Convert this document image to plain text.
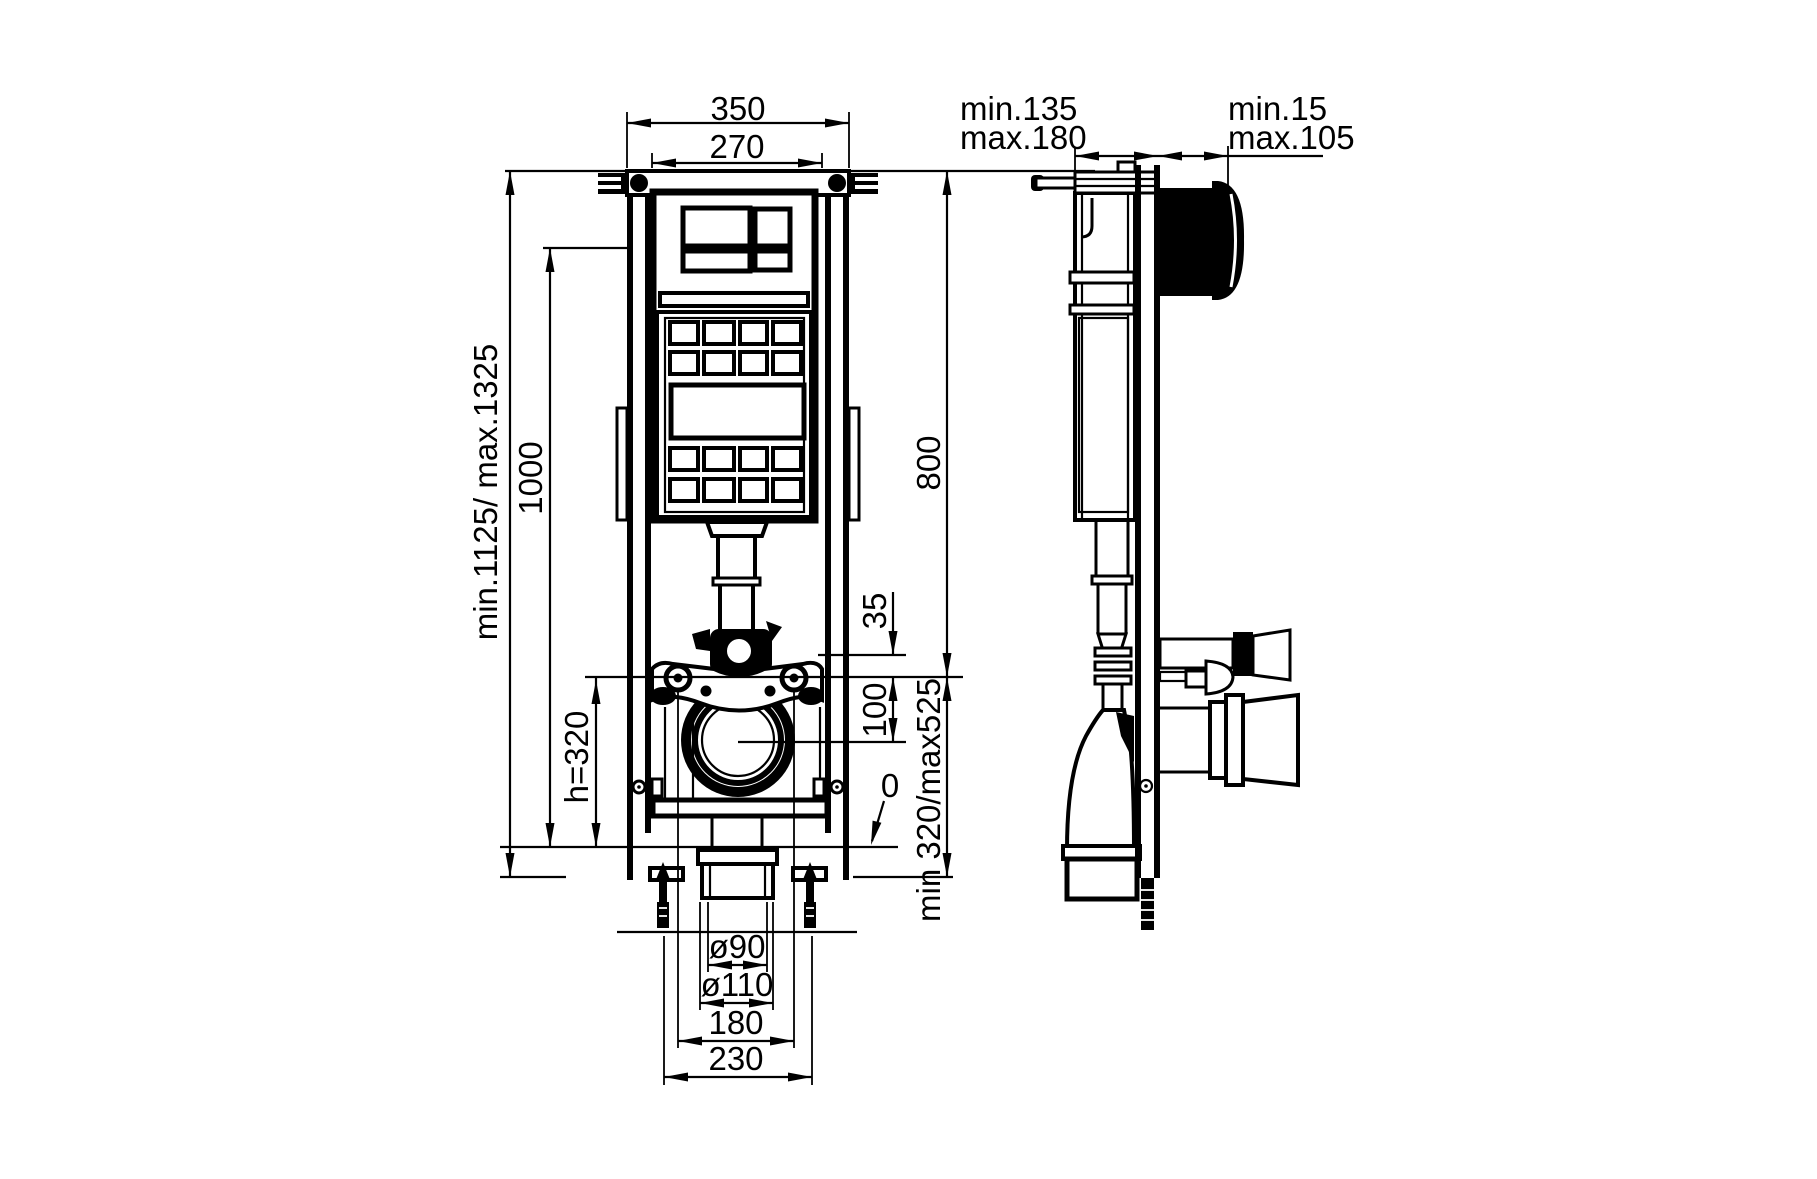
350
270
min.1125/ max.1325 1000	800
35
100 min 320/max525
h=320	0
ø90
ø110
180
230
min.135
max.180
min.15
max.105
